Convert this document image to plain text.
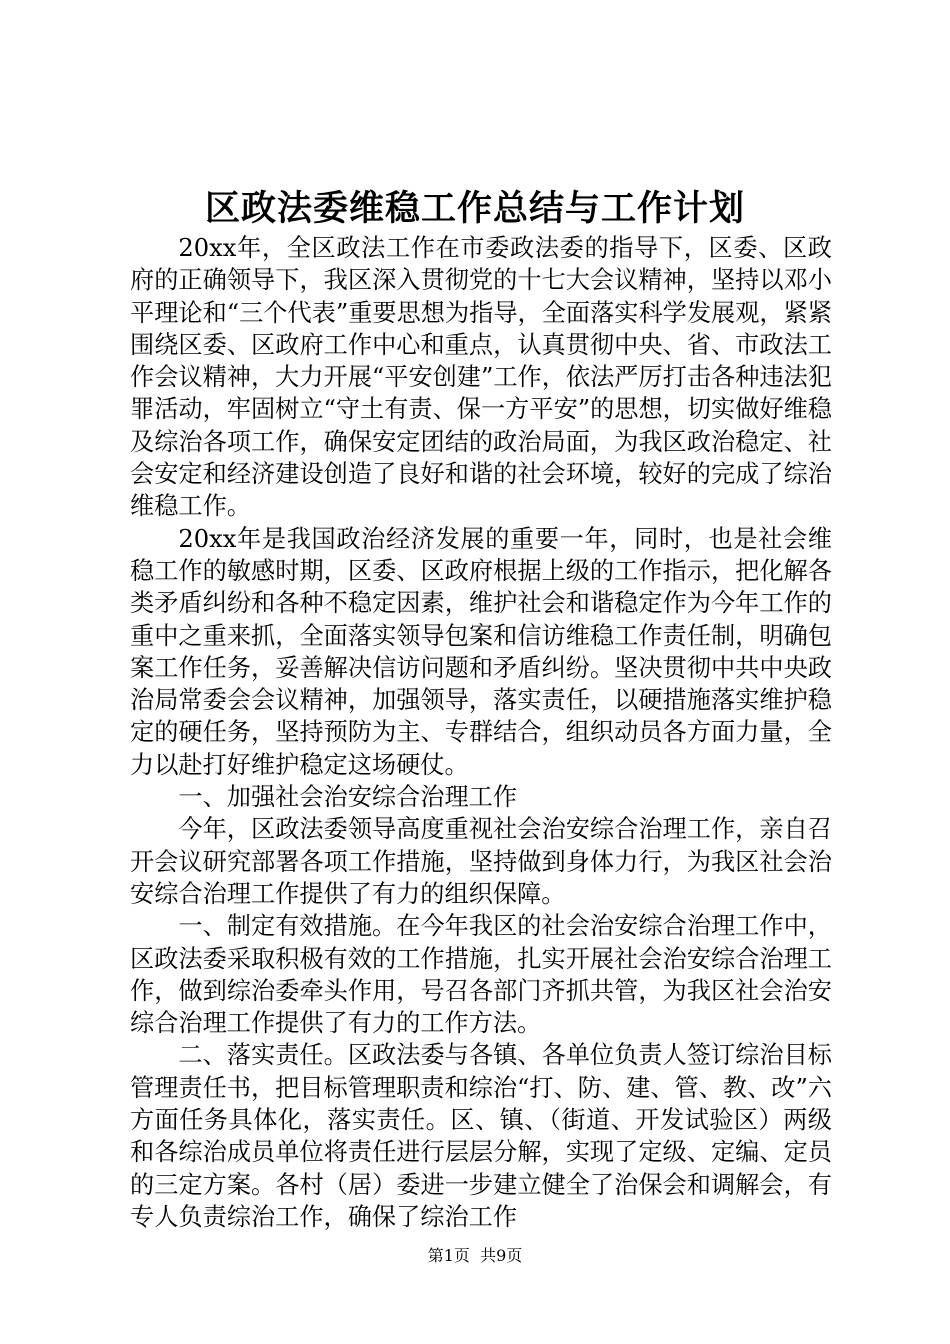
区政法委维稳工作总结与工作计划

20xx年，全区政法工作在市委政法委的指导下，区委、区政府的正确领导下，我区深入贯彻党的十七大会议精神，坚持以邓小平理论和“三个代表”重要思想为指导，全面落实科学发展观，紧紧围绕区委、区政府工作中心和重点，认真贯彻中央、省、市政法工作会议精神，大力开展“平安创建”工作，依法严厉打击各种违法犯罪活动，牢固树立“守土有责、保一方平安”的思想，切实做好维稳及综治各项工作，确保安定团结的政治局面，为我区政治稳定、社会安定和经济建设创造了良好和谐的社会环境，较好的完成了综治维稳工作。

20xx年是我国政治经济发展的重要一年，同时，也是社会维稳工作的敏感时期，区委、区政府根据上级的工作指示，把化解各类矛盾纠纷和各种不稳定因素，维护社会和谐稳定作为今年工作的重中之重来抓，全面落实领导包案和信访维稳工作责任制，明确包案工作任务，妥善解决信访问题和矛盾纠纷。坚决贯彻中共中央政治局常委会会议精神，加强领导，落实责任，以硬措施落实维护稳定的硬任务，坚持预防为主、专群结合，组织动员各方面力量，全力以赴打好维护稳定这场硬仗。

一、加强社会治安综合治理工作

今年，区政法委领导高度重视社会治安综合治理工作，亲自召开会议研究部署各项工作措施，坚持做到身体力行，为我区社会治安综合治理工作提供了有力的组织保障。

一、制定有效措施。在今年我区的社会治安综合治理工作中，区政法委采取积极有效的工作措施，扎实开展社会治安综合治理工作，做到综治委牵头作用，号召各部门齐抓共管，为我区社会治安综合治理工作提供了有力的工作方法。

二、落实责任。区政法委与各镇、各单位负责人签订综治目标管理责任书，把目标管理职责和综治“打、防、建、管、教、改”六方面任务具体化，落实责任。区、镇、（街道、开发试验区）两级和各综治成员单位将责任进行层层分解，实现了定级、定编、定员的三定方案。各村（居）委进一步建立健全了治保会和调解会，有专人负责综治工作，确保了综治工作

第1页 共9页
